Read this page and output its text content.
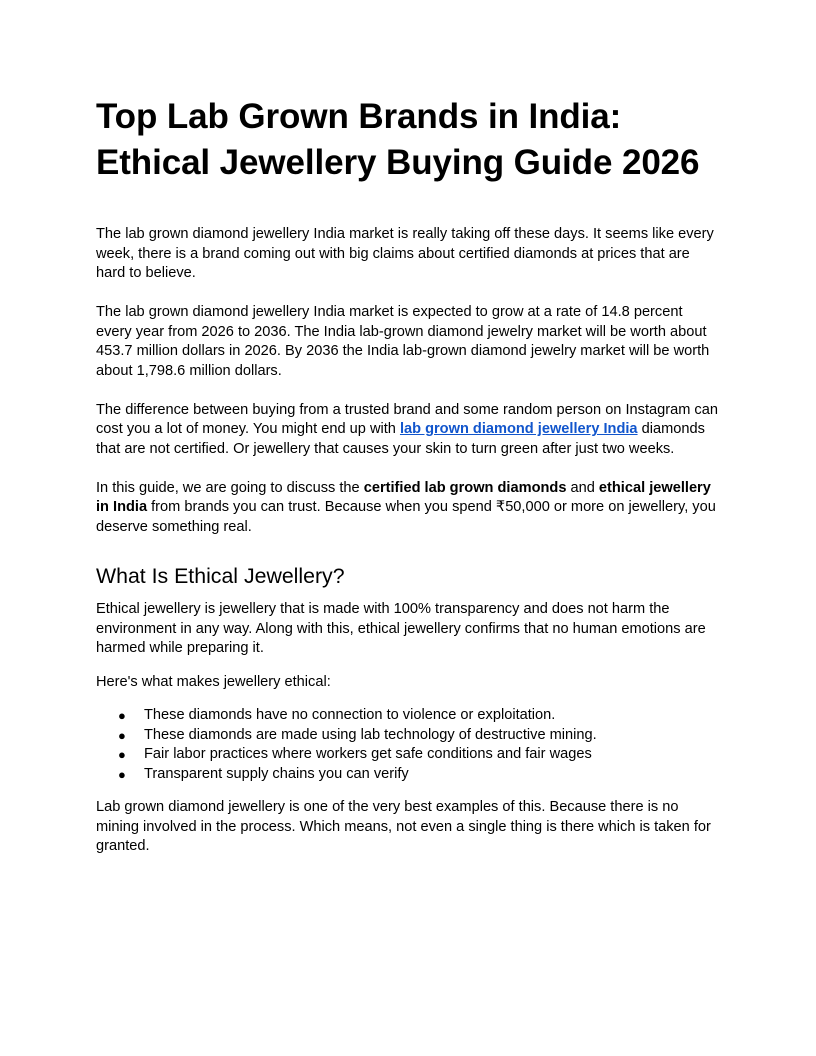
Top Lab Grown Brands in India:
Ethical Jewellery Buying Guide 2026

The lab grown diamond jewellery India market is really taking off these days. It seems like every week, there is a brand coming out with big claims about certified diamonds at prices that are hard to believe.

The lab grown diamond jewellery India market is expected to grow at a rate of 14.8 percent every year from 2026 to 2036. The India lab-grown diamond jewelry market will be worth about 453.7 million dollars in 2026. By 2036 the India lab-grown diamond jewelry market will be worth about 1,798.6 million dollars.

The difference between buying from a trusted brand and some random person on Instagram can cost you a lot of money. You might end up with lab grown diamond jewellery India diamonds that are not certified. Or jewellery that causes your skin to turn green after just two weeks.

In this guide, we are going to discuss the certified lab grown diamonds and ethical jewellery in India from brands you can trust. Because when you spend ₹50,000 or more on jewellery, you deserve something real.

What Is Ethical Jewellery?

Ethical jewellery is jewellery that is made with 100% transparency and does not harm the environment in any way. Along with this, ethical jewellery confirms that no human emotions are harmed while preparing it.

Here's what makes jewellery ethical:

● These diamonds have no connection to violence or exploitation.
● These diamonds are made using lab technology of destructive mining.
● Fair labor practices where workers get safe conditions and fair wages
● Transparent supply chains you can verify

Lab grown diamond jewellery is one of the very best examples of this. Because there is no mining involved in the process. Which means, not even a single thing is there which is taken for granted.
